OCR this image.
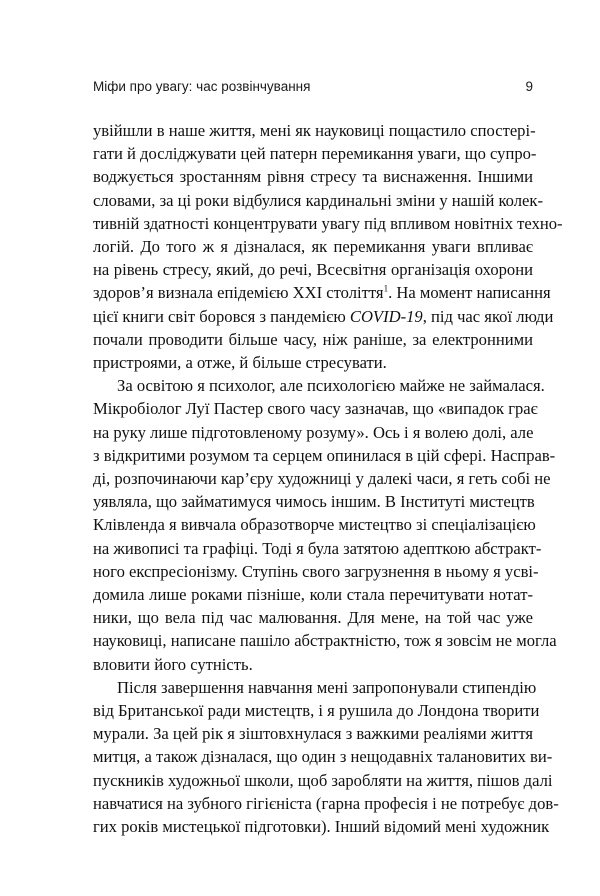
Міфи про увагу: час розвінчування	9

увійшли в наше життя, мені як науковиці пощастило спостері-
гати й досліджувати цей патерн перемикання уваги, що супро-
воджується зростанням рівня стресу та виснаження. Іншими
словами, за ці роки відбулися кардинальні зміни у нашій колек-
тивній здатності концентрувати увагу під впливом новітніх техно-
логій. До того ж я дізналася, як перемикання уваги впливає
на рівень стресу, який, до речі, Всесвітня організація охорони
здоров’я визнала епідемією XXI століття$^1$. На момент написання
цієї книги світ боровся з пандемією COVID-19, під час якої люди
почали проводити більше часу, ніж раніше, за електронними
пристроями, а отже, й більше стресувати.

За освітою я психолог, але психологією майже не займалася.
Мікробіолог Луї Пастер свого часу зазначав, що «випадок грає
на руку лише підготовленому розуму». Ось і я волею долі, але
з відкритими розумом та серцем опинилася в цій сфері. Насправ-
ді, розпочинаючи кар’єру художниці у далекі часи, я геть собі не
уявляла, що займатимуся чимось іншим. В Інституті мистецтв
Клівленда я вивчала образотворче мистецтво зі спеціалізацією
на живописі та графіці. Тоді я була затятою адепткою абстракт-
ного експресіонізму. Ступінь свого загрузнення в ньому я усві-
домила лише роками пізніше, коли стала перечитувати нотат-
ники, що вела під час малювання. Для мене, на той час уже
науковиці, написане пашіло абстрактністю, тож я зовсім не могла
вловити його сутність.

Після завершення навчання мені запропонували стипендію
від Британської ради мистецтв, і я рушила до Лондона творити
мурали. За цей рік я зіштовхнулася з важкими реаліями життя
митця, а також дізналася, що один з нещодавніх талановитих ви-
пускників художньої школи, щоб заробляти на життя, пішов далі
навчатися на зубного гігієніста (гарна професія і не потребує дов-
гих років мистецької підготовки). Інший відомий мені художник
